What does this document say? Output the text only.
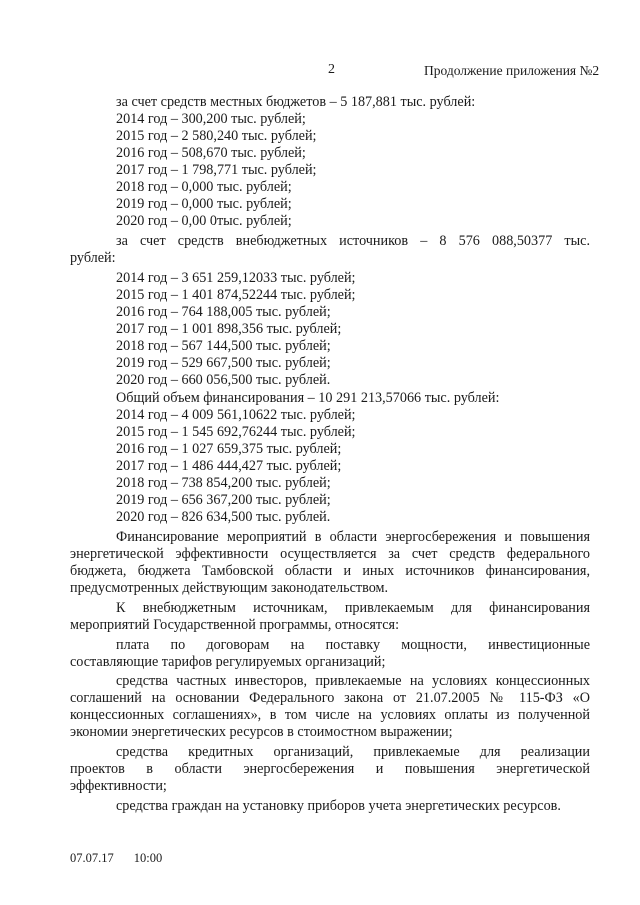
2	Продолжение приложения №2
за счет средств местных бюджетов – 5 187,881 тыс. рублей:
2014 год – 300,200 тыс. рублей;
2015 год – 2 580,240 тыс. рублей;
2016 год – 508,670 тыс. рублей;
2017 год – 1 798,771 тыс. рублей;
2018 год – 0,000 тыс. рублей;
2019 год – 0,000 тыс. рублей;
2020 год – 0,00 0тыс. рублей;
за счет средств внебюджетных источников – 8 576 088,50377 тыс.
рублей:
2014 год – 3 651 259,12033 тыс. рублей;
2015 год – 1 401 874,52244 тыс. рублей;
2016 год – 764 188,005 тыс. рублей;
2017 год – 1 001 898,356 тыс. рублей;
2018 год – 567 144,500 тыс. рублей;
2019 год – 529 667,500 тыс. рублей;
2020 год – 660 056,500 тыс. рублей.
Общий объем финансирования – 10 291 213,57066 тыс. рублей:
2014 год – 4 009 561,10622 тыс. рублей;
2015 год – 1 545 692,76244 тыс. рублей;
2016 год – 1 027 659,375 тыс. рублей;
2017 год – 1 486 444,427 тыс. рублей;
2018 год – 738 854,200 тыс. рублей;
2019 год – 656 367,200 тыс. рублей;
2020 год – 826 634,500 тыс. рублей.
Финансирование мероприятий в области энергосбережения и повышения
энергетической эффективности осуществляется за счет средств федерального
бюджета, бюджета Тамбовской области и иных источников финансирования,
предусмотренных действующим законодательством.
К внебюджетным источникам, привлекаемым для финансирования
мероприятий Государственной программы, относятся:
плата по договорам на поставку мощности, инвестиционные
составляющие тарифов регулируемых организаций;
средства частных инвесторов, привлекаемые на условиях концессионных
соглашений на основании Федерального закона от 21.07.2005 № 115-ФЗ «О
концессионных соглашениях», в том числе на условиях оплаты из полученной
экономии энергетических ресурсов в стоимостном выражении;
средства кредитных организаций, привлекаемые для реализации
проектов в области энергосбережения и повышения энергетической
эффективности;
средства граждан на установку приборов учета энергетических ресурсов.
07.07.17 10:00
